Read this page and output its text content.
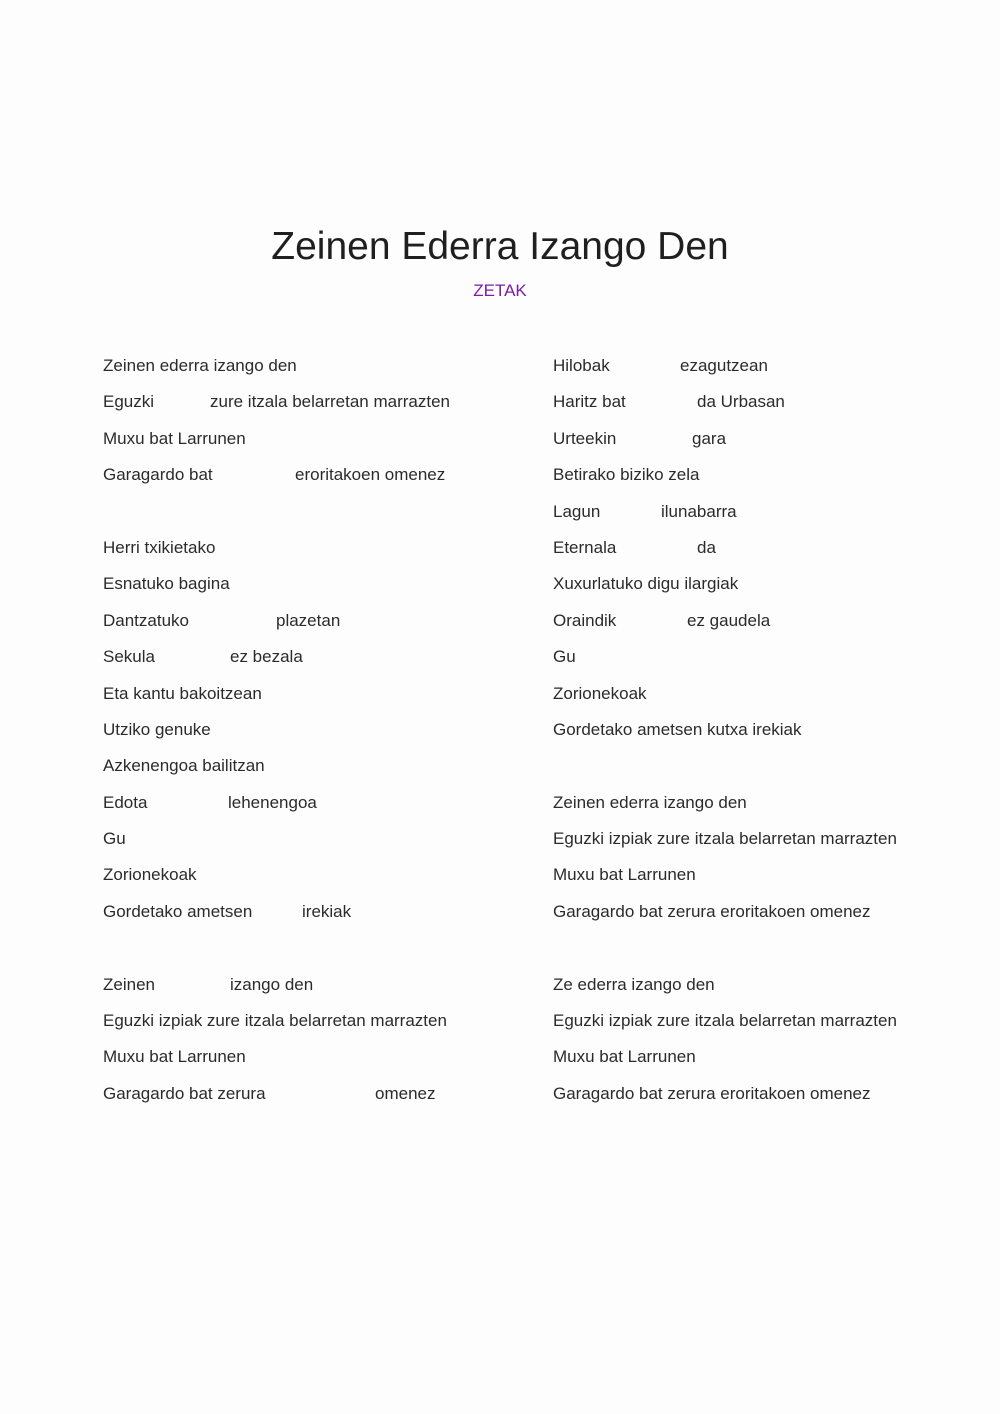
Zeinen Ederra Izango Den
ZETAK
Zeinen ederra izango den
Eguzki	zure itzala belarretan marrazten
Muxu bat Larrunen
Garagardo bat	eroritakoen omenez
Herri txikietako
Esnatuko bagina
Dantzatuko	plazetan
Sekula	ez bezala
Eta kantu bakoitzean
Utziko genuke
Azkenengoa bailitzan
Edota	lehenengoa
Gu
Zorionekoak
Gordetako ametsen	irekiak
Zeinen	izango den
Eguzki izpiak zure itzala belarretan marrazten
Muxu bat Larrunen
Garagardo bat zerura	omenez
Hilobak	ezagutzean
Haritz bat	da Urbasan
Urteekin	gara
Betirako biziko zela
Lagun	ilunabarra
Eternala	da
Xuxurlatuko digu ilargiak
Oraindik	ez gaudela
Gu
Zorionekoak
Gordetako ametsen kutxa irekiak
Zeinen ederra izango den
Eguzki izpiak zure itzala belarretan marrazten
Muxu bat Larrunen
Garagardo bat zerura eroritakoen omenez
Ze ederra izango den
Eguzki izpiak zure itzala belarretan marrazten
Muxu bat Larrunen
Garagardo bat zerura eroritakoen omenez
